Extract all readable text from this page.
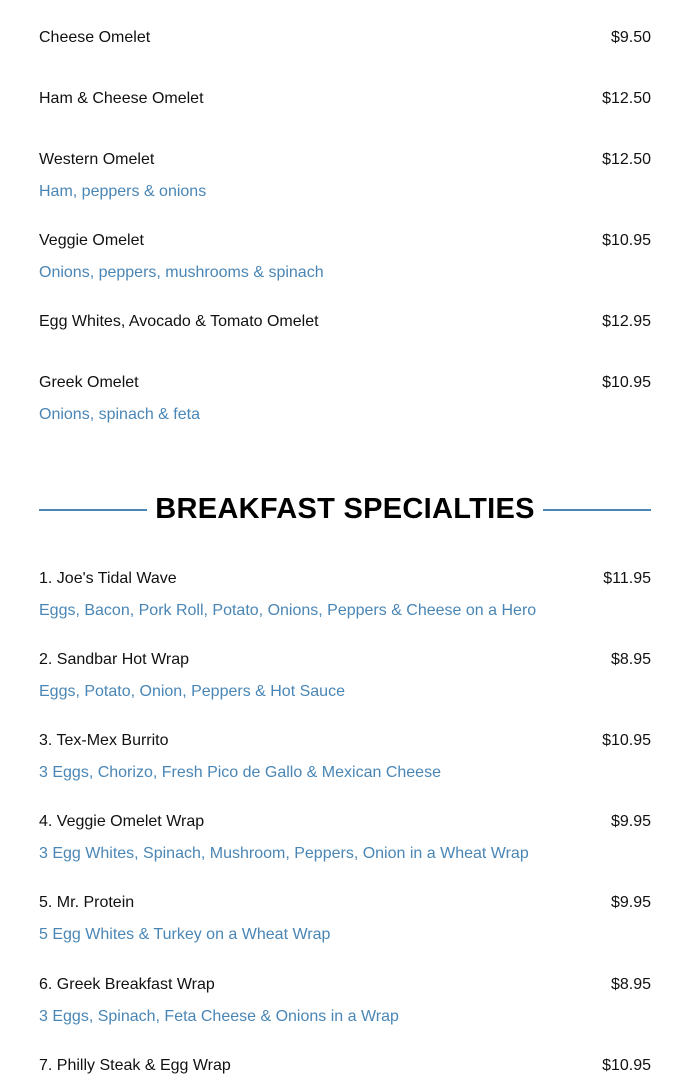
Cheese Omelet	$9.50
Ham & Cheese Omelet	$12.50
Western Omelet	$12.50
Ham, peppers & onions
Veggie Omelet	$10.95
Onions, peppers, mushrooms & spinach
Egg Whites, Avocado & Tomato Omelet	$12.95
Greek Omelet	$10.95
Onions, spinach & feta
BREAKFAST SPECIALTIES
1. Joe's Tidal Wave	$11.95
Eggs, Bacon, Pork Roll, Potato, Onions, Peppers & Cheese on a Hero
2. Sandbar Hot Wrap	$8.95
Eggs, Potato, Onion, Peppers & Hot Sauce
3. Tex-Mex Burrito	$10.95
3 Eggs, Chorizo, Fresh Pico de Gallo & Mexican Cheese
4. Veggie Omelet Wrap	$9.95
3 Egg Whites, Spinach, Mushroom, Peppers, Onion in a Wheat Wrap
5. Mr. Protein	$9.95
5 Egg Whites & Turkey on a Wheat Wrap
6. Greek Breakfast Wrap	$8.95
3 Eggs, Spinach, Feta Cheese & Onions in a Wrap
7. Philly Steak & Egg Wrap	$10.95
